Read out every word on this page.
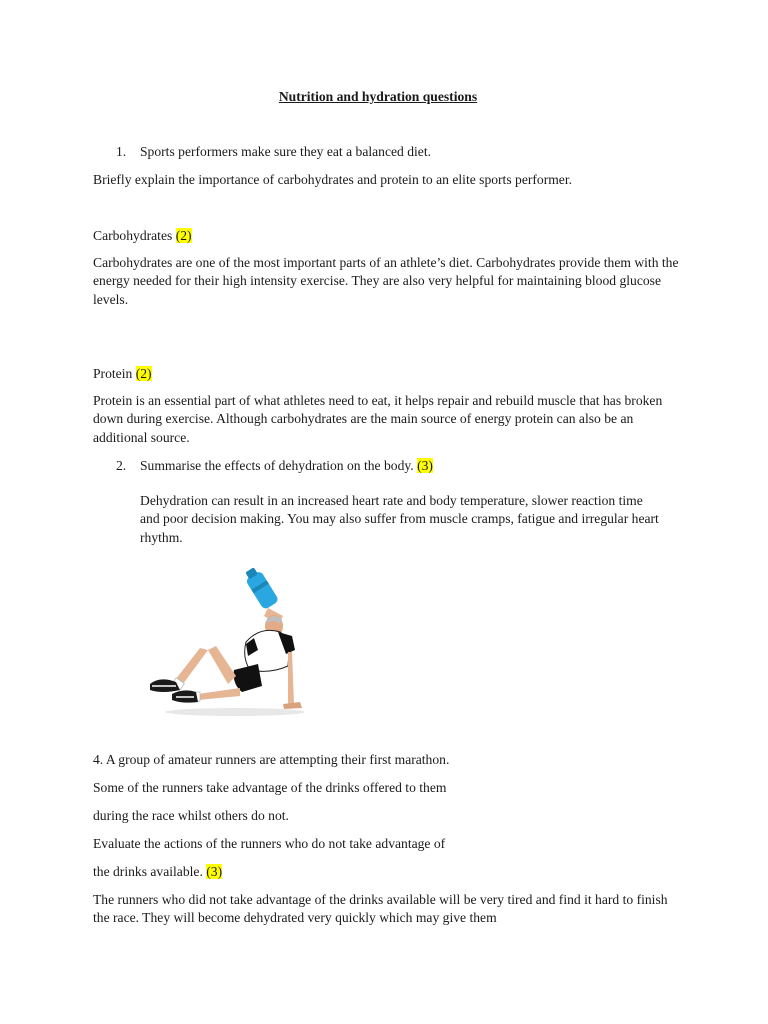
Nutrition and hydration questions
1. Sports performers make sure they eat a balanced diet.
Briefly explain the importance of carbohydrates and protein to an elite sports performer.
Carbohydrates (2)
Carbohydrates are one of the most important parts of an athlete’s diet. Carbohydrates provide them with the energy needed for their high intensity exercise. They are also very helpful for maintaining blood glucose levels.
Protein (2)
Protein is an essential part of what athletes need to eat, it helps repair and rebuild muscle that has broken down during exercise. Although carbohydrates are the main source of energy protein can also be an additional source.
2. Summarise the effects of dehydration on the body. (3)
Dehydration can result in an increased heart rate and body temperature, slower reaction time and poor decision making. You may also suffer from muscle cramps, fatigue and irregular heart rhythm.
4. A group of amateur runners are attempting their first marathon.
Some of the runners take advantage of the drinks offered to them
during the race whilst others do not.
Evaluate the actions of the runners who do not take advantage of
the drinks available. (3)
The runners who did not take advantage of the drinks available will be very tired and find it hard to finish the race. They will become dehydrated very quickly which may give them
